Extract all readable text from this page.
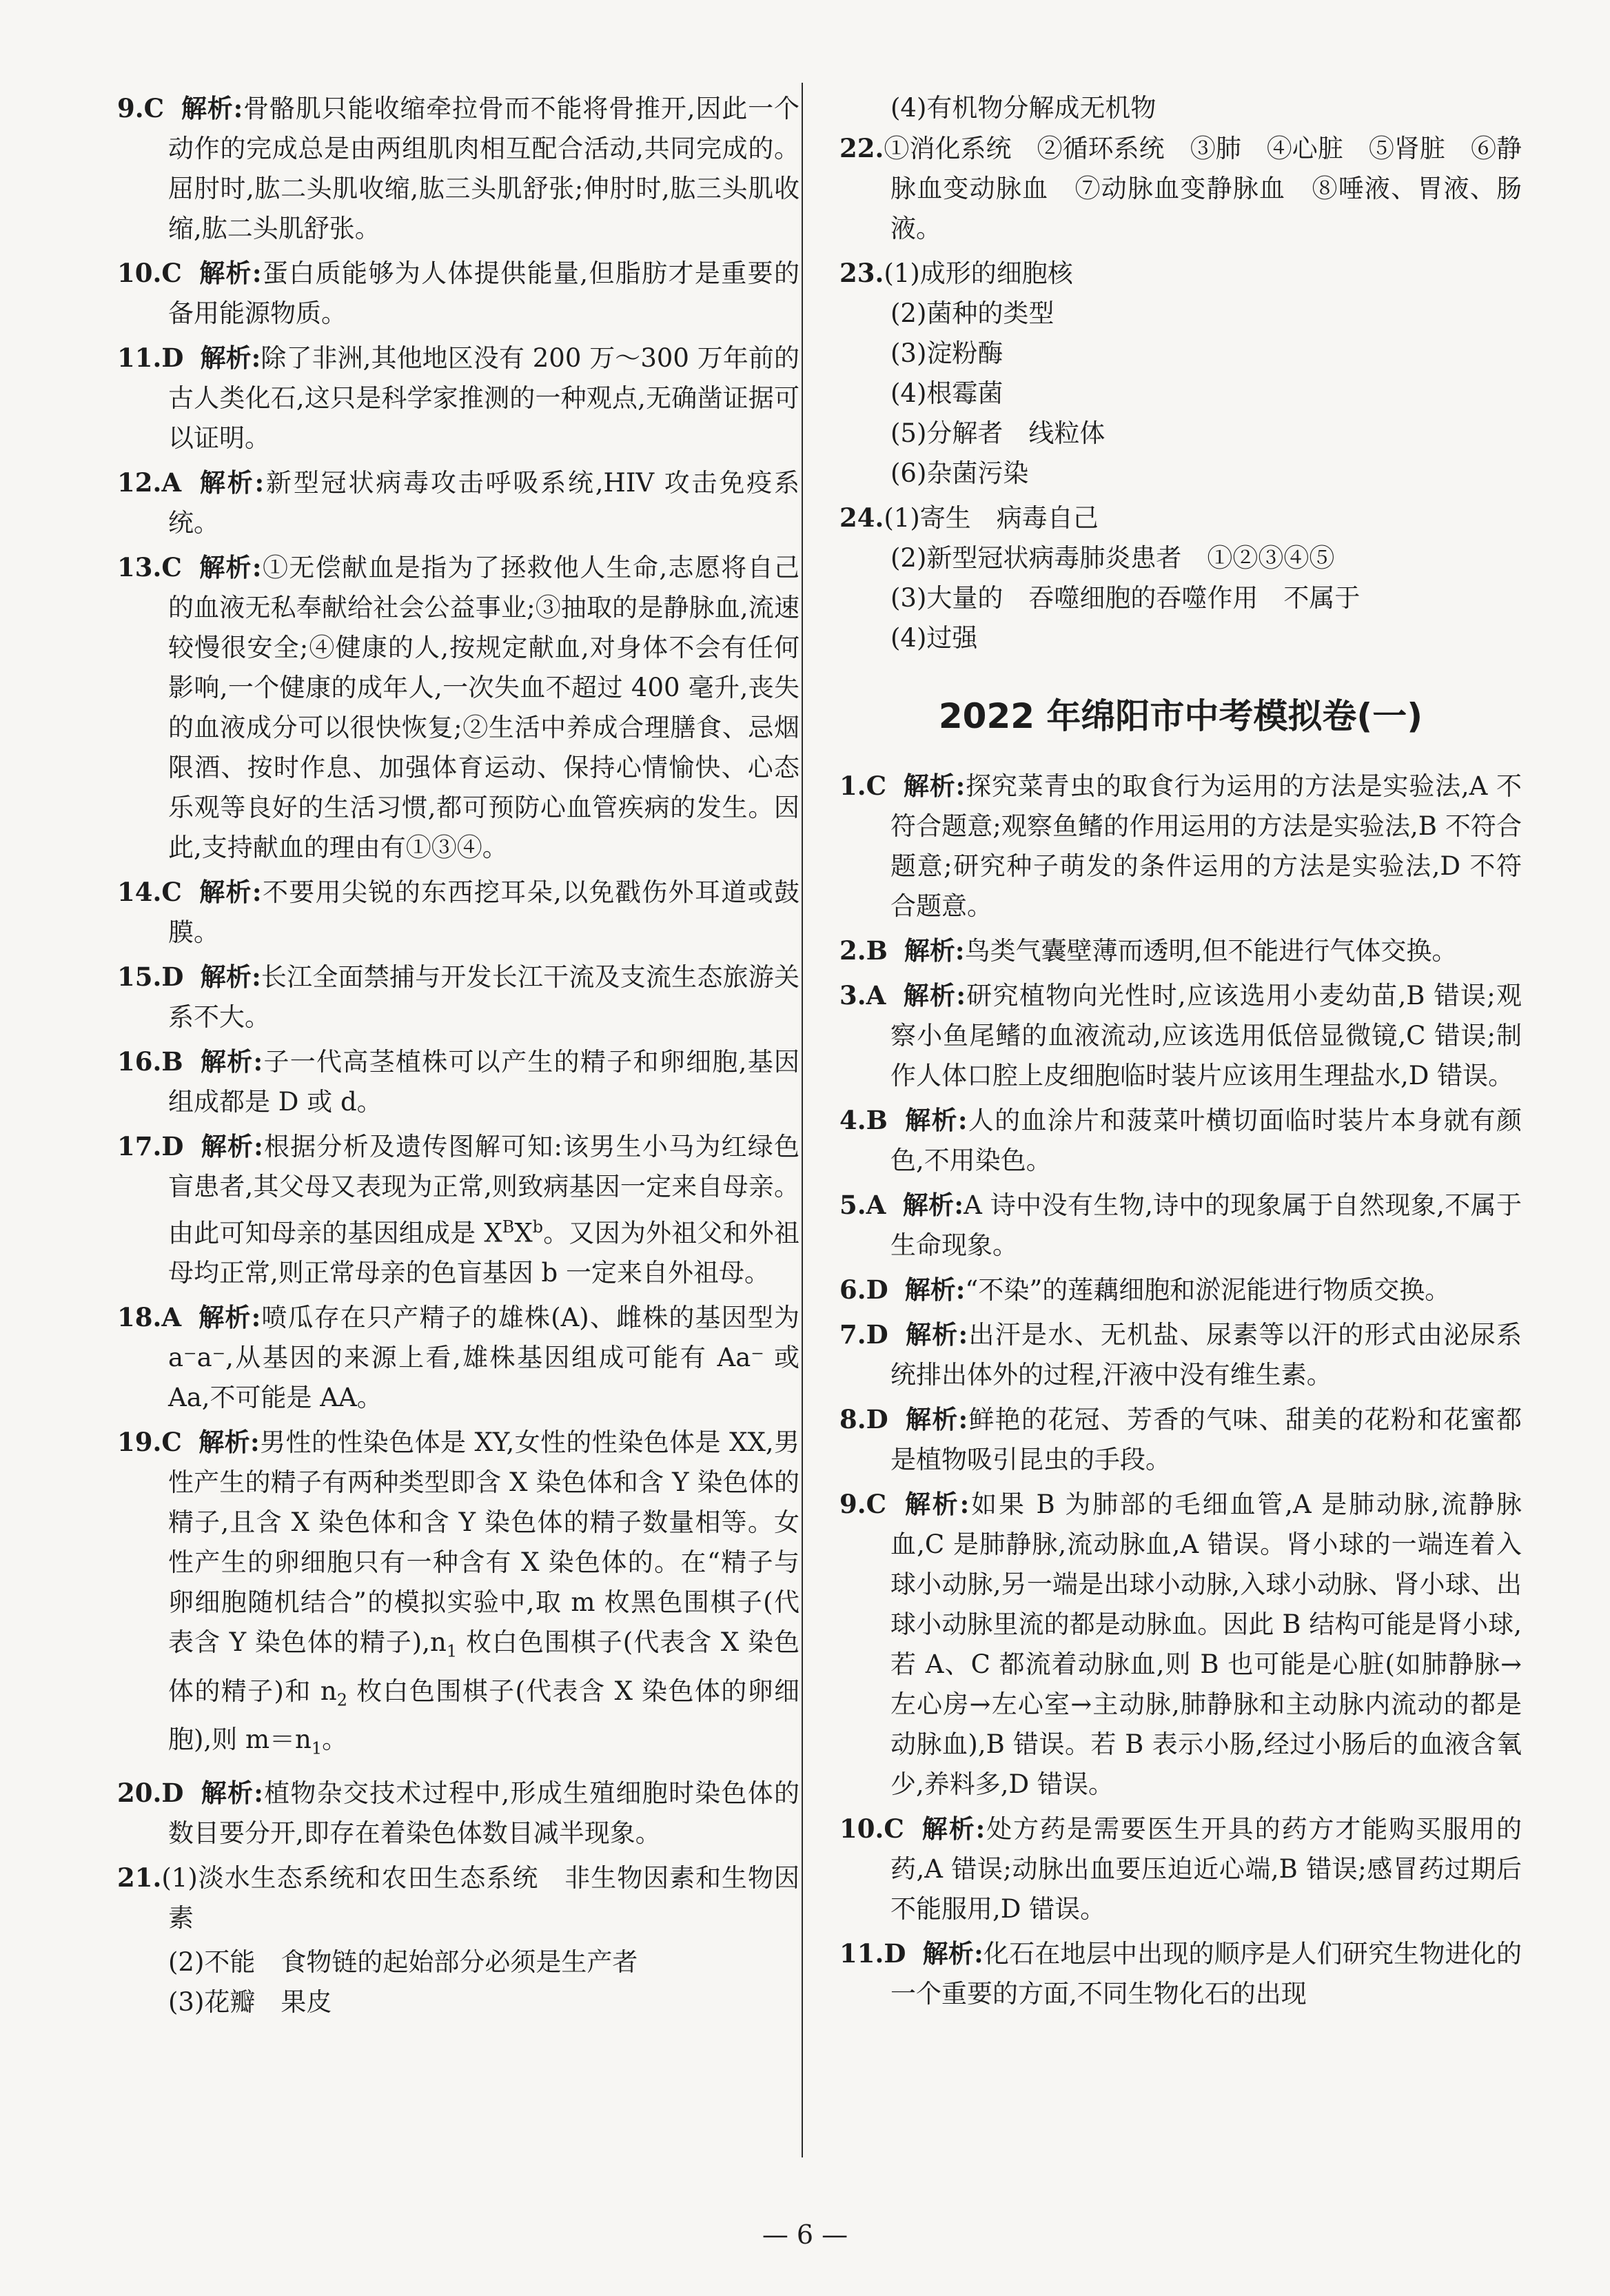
9.C 解析:骨骼肌只能收缩牵拉骨而不能将骨推开,因此一个动作的完成总是由两组肌肉相互配合活动,共同完成的。屈肘时,肱二头肌收缩,肱三头肌舒张;伸肘时,肱三头肌收缩,肱二头肌舒张。

10.C 解析:蛋白质能够为人体提供能量,但脂肪才是重要的备用能源物质。

11.D 解析:除了非洲,其他地区没有 200 万～300 万年前的古人类化石,这只是科学家推测的一种观点,无确凿证据可以证明。

12.A 解析:新型冠状病毒攻击呼吸系统,HIV 攻击免疫系统。

13.C 解析:①无偿献血是指为了拯救他人生命,志愿将自己的血液无私奉献给社会公益事业;③抽取的是静脉血,流速较慢很安全;④健康的人,按规定献血,对身体不会有任何影响,一个健康的成年人,一次失血不超过 400 毫升,丧失的血液成分可以很快恢复;②生活中养成合理膳食、忌烟限酒、按时作息、加强体育运动、保持心情愉快、心态乐观等良好的生活习惯,都可预防心血管疾病的发生。因此,支持献血的理由有①③④。

14.C 解析:不要用尖锐的东西挖耳朵,以免戳伤外耳道或鼓膜。

15.D 解析:长江全面禁捕与开发长江干流及支流生态旅游关系不大。

16.B 解析:子一代高茎植株可以产生的精子和卵细胞,基因组成都是 D 或 d。

17.D 解析:根据分析及遗传图解可知:该男生小马为红绿色盲患者,其父母又表现为正常,则致病基因一定来自母亲。由此可知母亲的基因组成是 $X^BX^b$。又因为外祖父和外祖母均正常,则正常母亲的色盲基因 b 一定来自外祖母。

18.A 解析:喷瓜存在只产精子的雄株(A)、雌株的基因型为 a⁻a⁻,从基因的来源上看,雄株基因组成可能有 Aa⁻ 或 Aa,不可能是 AA。

19.C 解析:男性的性染色体是 XY,女性的性染色体是 XX,男性产生的精子有两种类型即含 X 染色体和含 Y 染色体的精子,且含 X 染色体和含 Y 染色体的精子数量相等。女性产生的卵细胞只有一种含有 X 染色体的。在“精子与卵细胞随机结合”的模拟实验中,取 m 枚黑色围棋子(代表含 Y 染色体的精子)$,n_1$ 枚白色围棋子(代表含 X 染色体的精子)和 $n_2$ 枚白色围棋子(代表含 X 染色体的卵细胞),则 $m=n_1$。

20.D 解析:植物杂交技术过程中,形成生殖细胞时染色体的数目要分开,即存在着染色体数目减半现象。

21.(1)淡水生态系统和农田生态系统　非生物因素和生物因素

(2)不能　食物链的起始部分必须是生产者

(3)花瓣　果皮

(4)有机物分解成无机物

22.①消化系统　②循环系统　③肺　④心脏　⑤肾脏　⑥静脉血变动脉血　⑦动脉血变静脉血　⑧唾液、胃液、肠液。

23.(1)成形的细胞核

(2)菌种的类型

(3)淀粉酶

(4)根霉菌

(5)分解者　线粒体

(6)杂菌污染

24.(1)寄生　病毒自己

(2)新型冠状病毒肺炎患者　①②③④⑤

(3)大量的　吞噬细胞的吞噬作用　不属于

(4)过强

2022 年绵阳市中考模拟卷(一)

1.C 解析:探究菜青虫的取食行为运用的方法是实验法,A 不符合题意;观察鱼鳍的作用运用的方法是实验法,B 不符合题意;研究种子萌发的条件运用的方法是实验法,D 不符合题意。

2.B 解析:鸟类气囊壁薄而透明,但不能进行气体交换。

3.A 解析:研究植物向光性时,应该选用小麦幼苗,B 错误;观察小鱼尾鳍的血液流动,应该选用低倍显微镜,C 错误;制作人体口腔上皮细胞临时装片应该用生理盐水,D 错误。

4.B 解析:人的血涂片和菠菜叶横切面临时装片本身就有颜色,不用染色。

5.A 解析:A 诗中没有生物,诗中的现象属于自然现象,不属于生命现象。

6.D 解析:“不染”的莲藕细胞和淤泥能进行物质交换。

7.D 解析:出汗是水、无机盐、尿素等以汗的形式由泌尿系统排出体外的过程,汗液中没有维生素。

8.D 解析:鲜艳的花冠、芳香的气味、甜美的花粉和花蜜都是植物吸引昆虫的手段。

9.C 解析:如果 B 为肺部的毛细血管,A 是肺动脉,流静脉血,C 是肺静脉,流动脉血,A 错误。肾小球的一端连着入球小动脉,另一端是出球小动脉,入球小动脉、肾小球、出球小动脉里流的都是动脉血。因此 B 结构可能是肾小球,若 A、C 都流着动脉血,则 B 也可能是心脏(如肺静脉→左心房→左心室→主动脉,肺静脉和主动脉内流动的都是动脉血),B 错误。若 B 表示小肠,经过小肠后的血液含氧少,养料多,D 错误。

10.C 解析:处方药是需要医生开具的药方才能购买服用的药,A 错误;动脉出血要压迫近心端,B 错误;感冒药过期后不能服用,D 错误。

11.D 解析:化石在地层中出现的顺序是人们研究生物进化的一个重要的方面,不同生物化石的出现

— 6 —
